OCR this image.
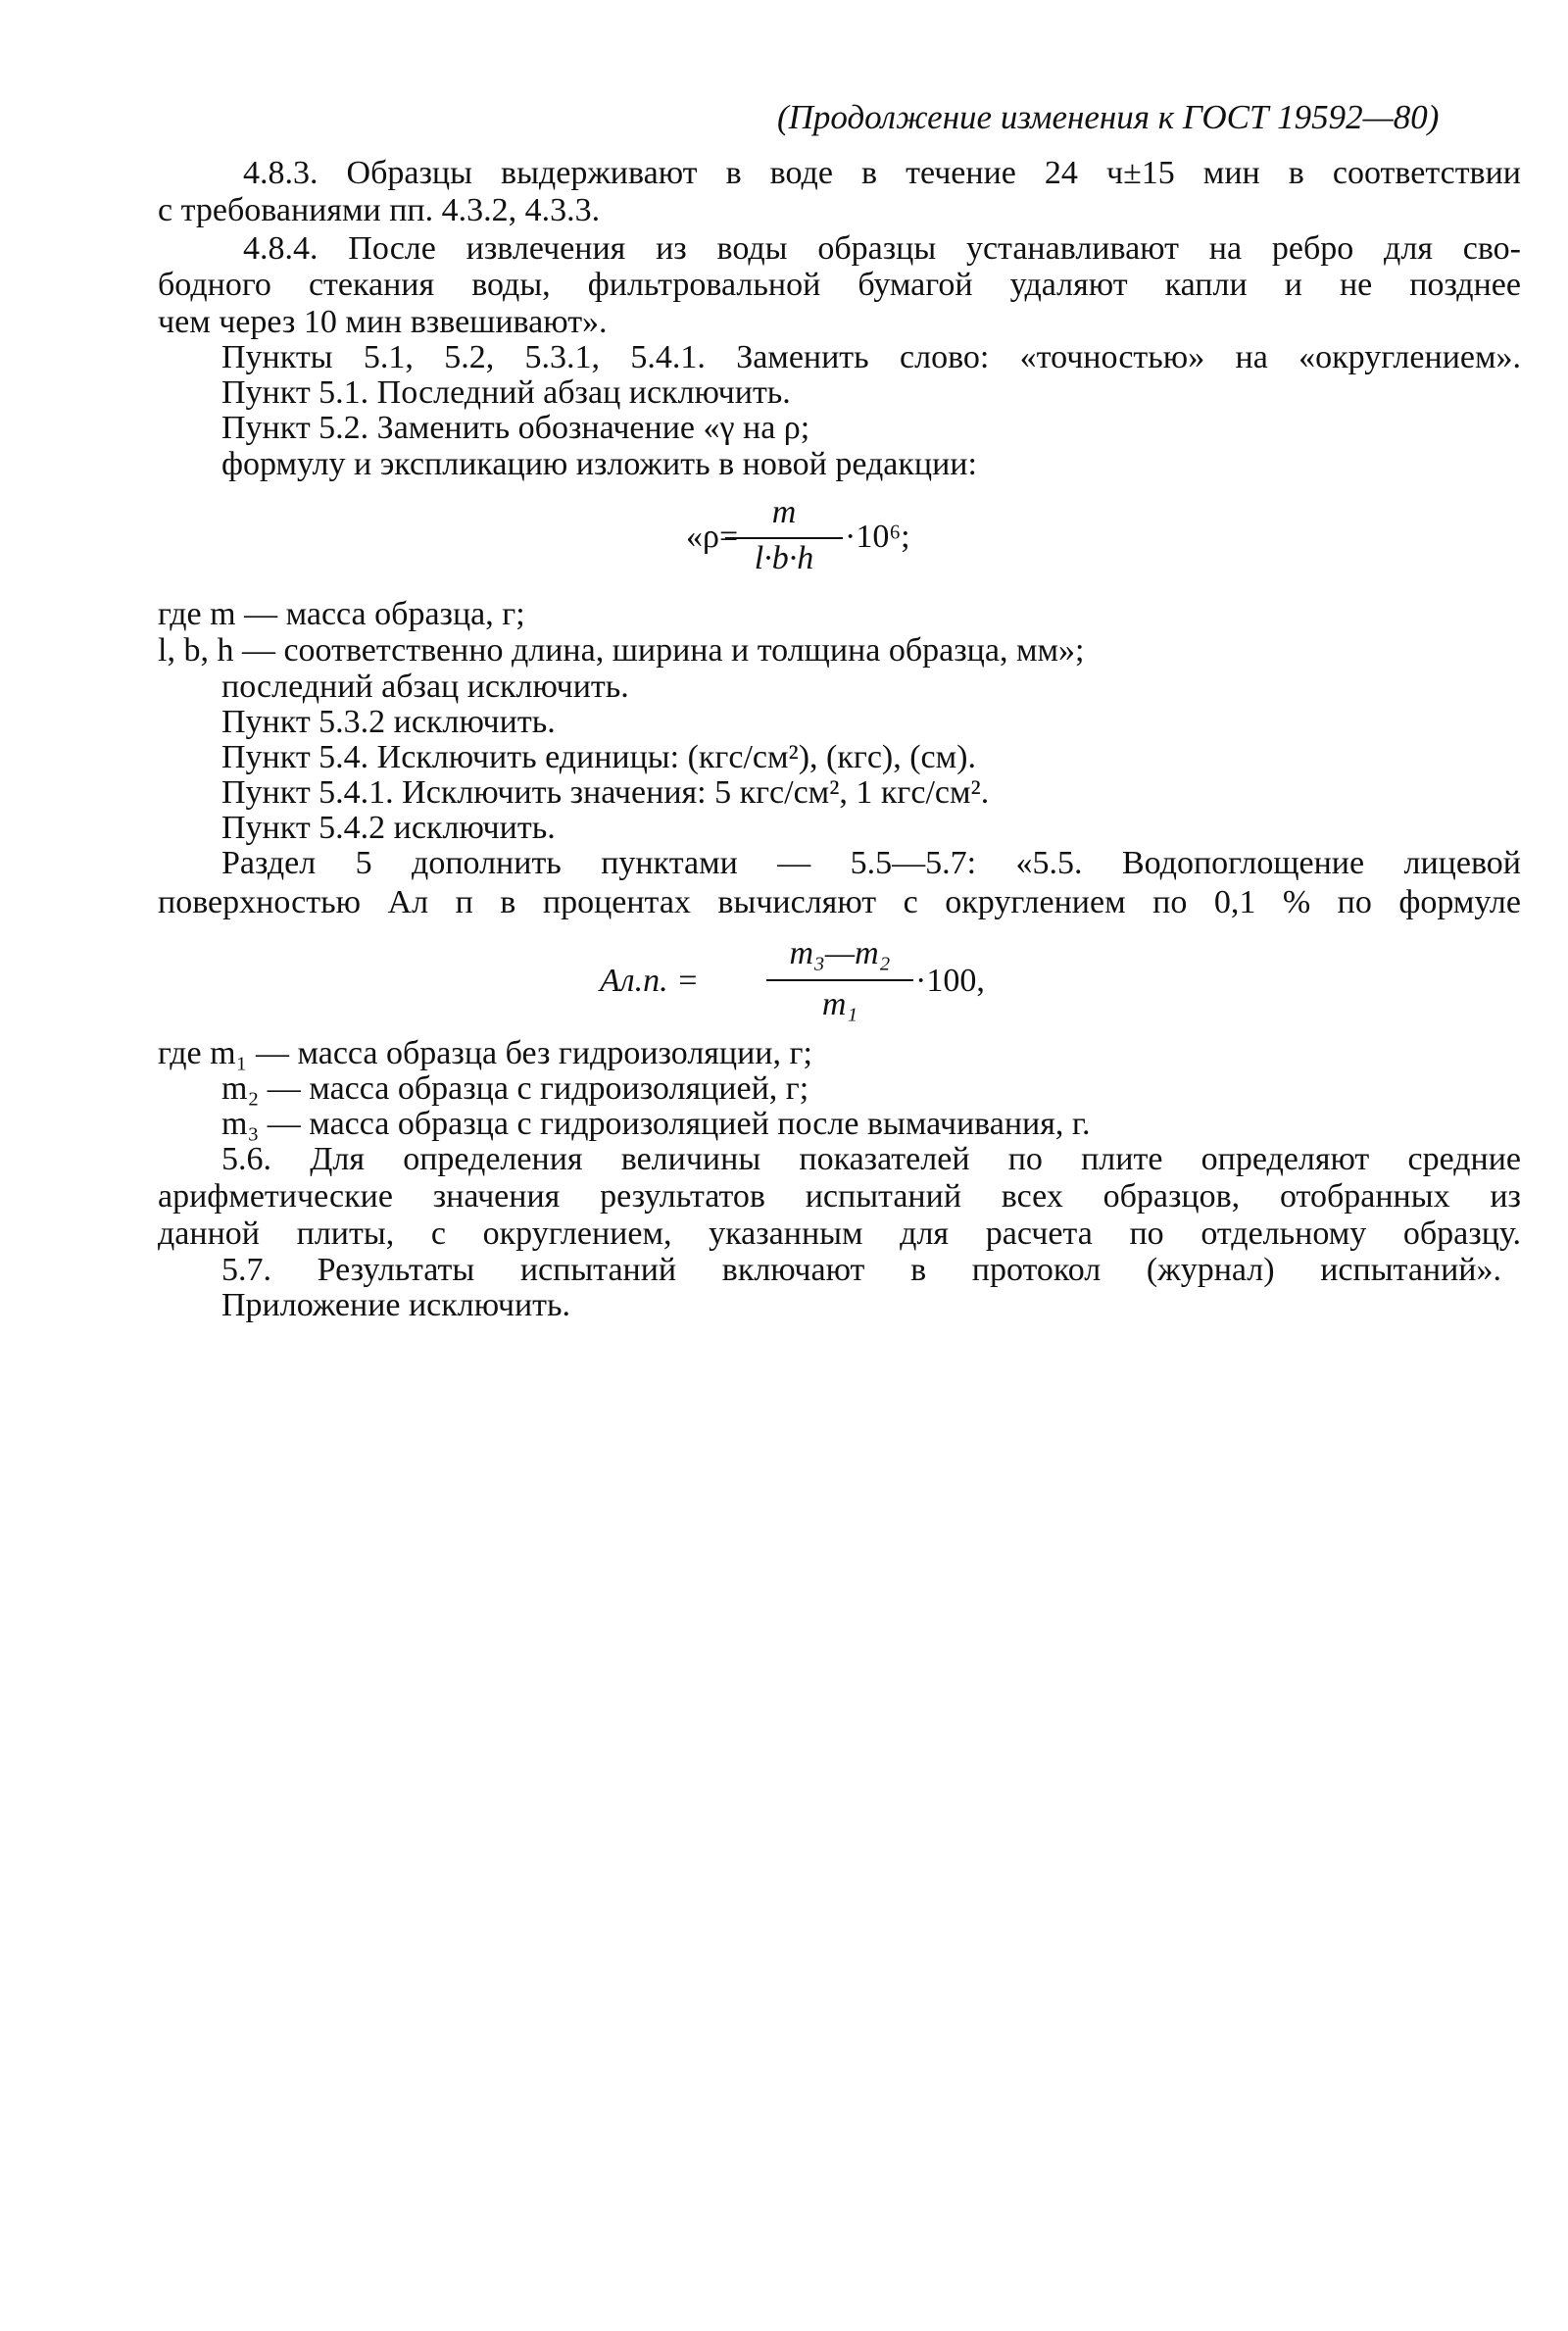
(Продолжение изменения к ГОСТ 19592—80)
4.8.3. Образцы выдерживают в воде в течение 24 ч±15 мин в соответствии
с требованиями пп. 4.3.2, 4.3.3.
4.8.4. После извлечения из воды образцы устанавливают на ребро для сво-
бодного стекания воды, фильтровальной бумагой удаляют капли и не позднее
чем через 10 мин взвешивают».
Пункты 5.1, 5.2, 5.3.1, 5.4.1. Заменить слово: «точностью» на «округлением».
Пункт 5.1. Последний абзац исключить.
Пункт 5.2. Заменить обозначение «γ на ρ;
формулу и экспликацию изложить в новой редакции:
m
«ρ=
l·b·h
·10⁶;
где m — масса образца, г;
l, b, h — соответственно длина, ширина и толщина образца, мм»;
последний абзац исключить.
Пункт 5.3.2 исключить.
Пункт 5.4. Исключить единицы: (кгс/см²), (кгс), (см).
Пункт 5.4.1. Исключить значения: 5 кгс/см², 1 кгс/см².
Пункт 5.4.2 исключить.
Раздел 5 дополнить пунктами — 5.5—5.7: «5.5. Водопоглощение лицевой
поверхностью Aл п в процентах вычисляют с округлением по 0,1 % по формуле
Aл.п. =
m₃—m₂
m₁
·100,
где m₁ — масса образца без гидроизоляции, г;
m₂ — масса образца с гидроизоляцией, г;
m₃ — масса образца с гидроизоляцией после вымачивания, г.
5.6. Для определения величины показателей по плите определяют средние
арифметические значения результатов испытаний всех образцов, отобранных из
данной плиты, с округлением, указанным для расчета по отдельному образцу.
5.7. Результаты испытаний включают в протокол (журнал) испытаний».
Приложение исключить.
